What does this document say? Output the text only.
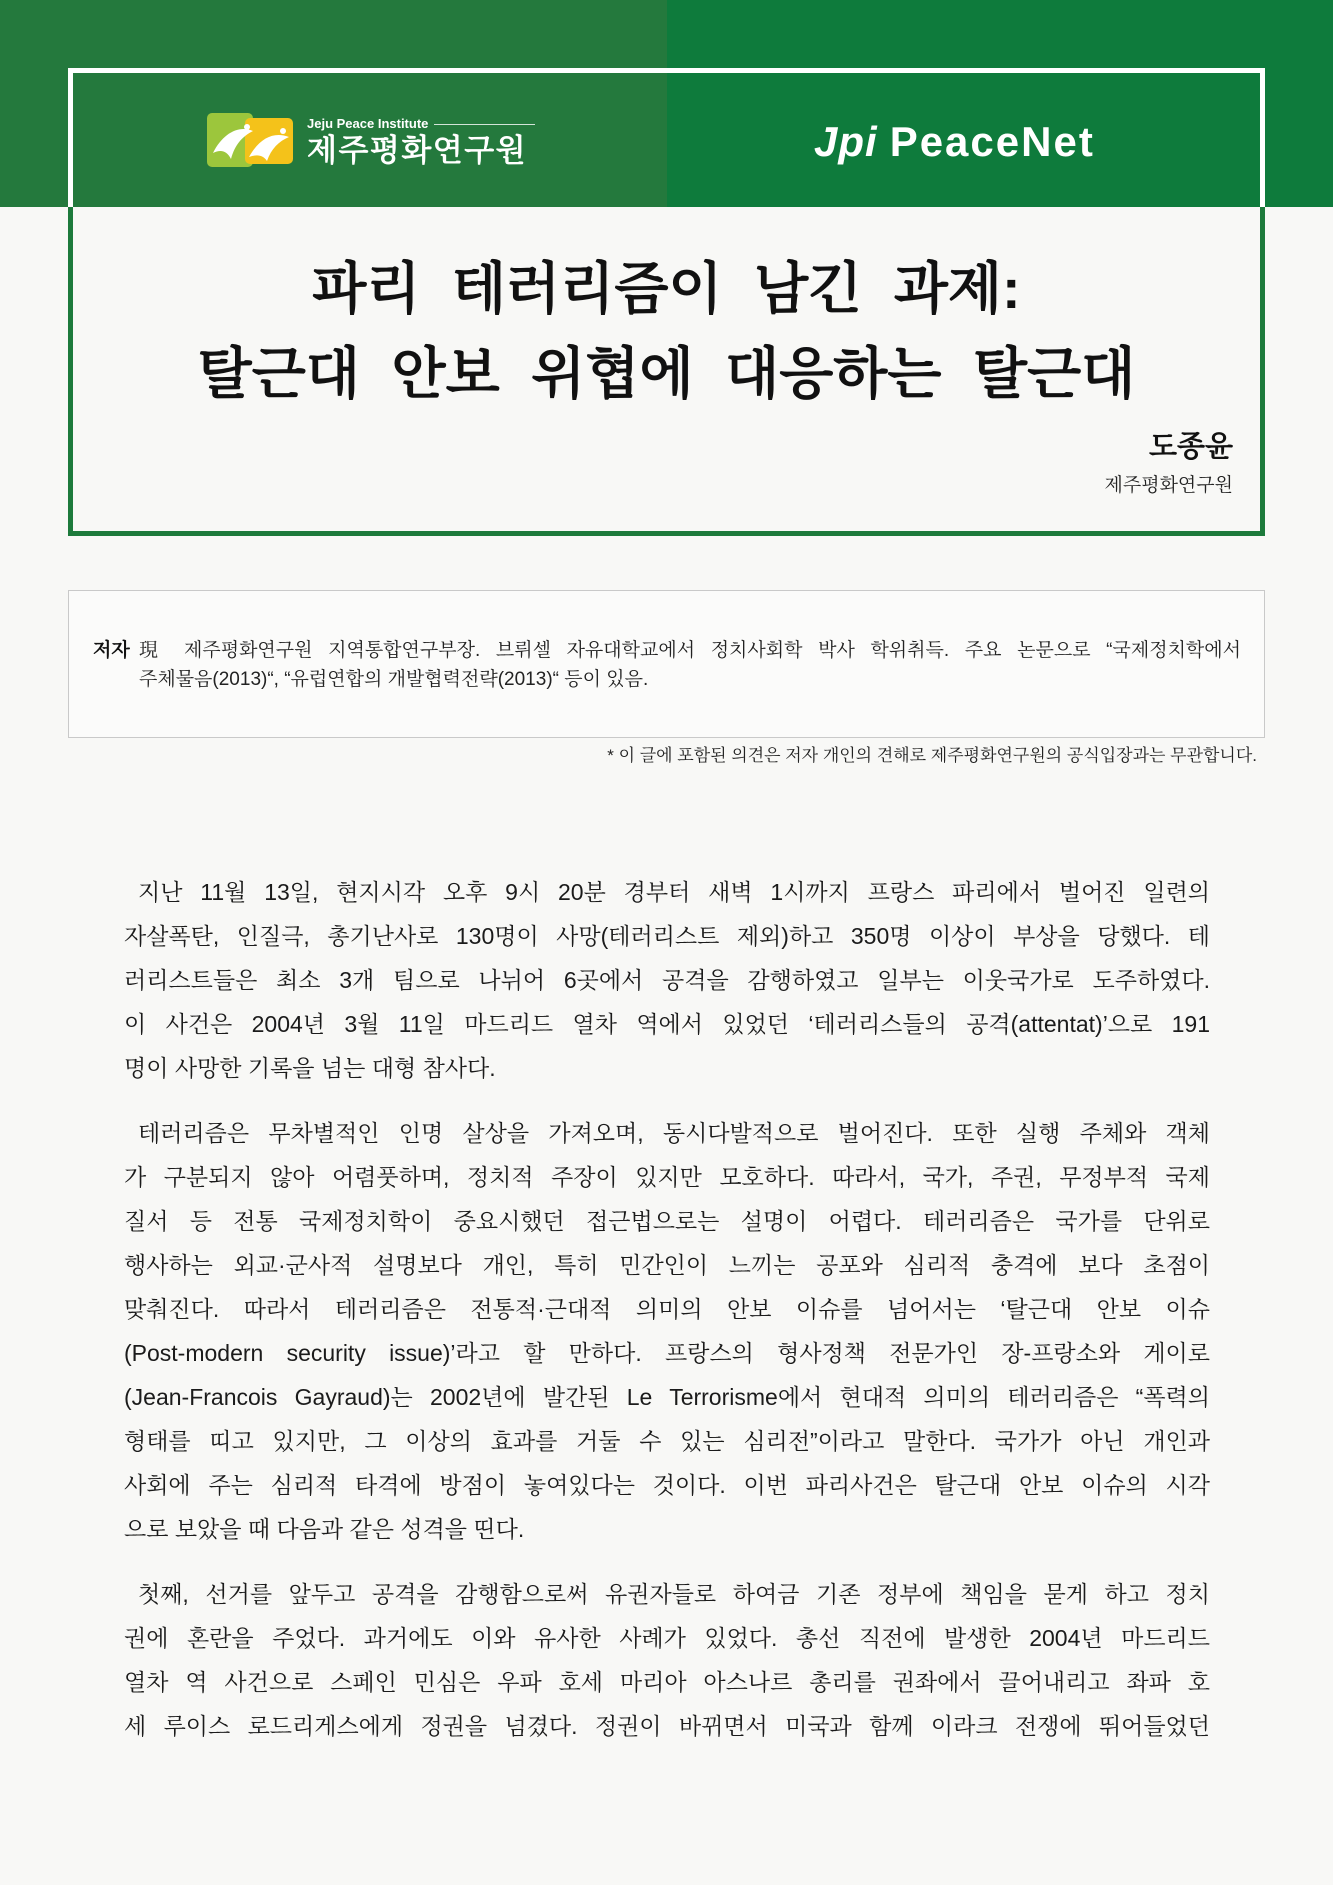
Jeju Peace Institute
제주평화연구원	Jpi PeaceNet
파리 테러리즘이 남긴 과제:
탈근대 안보 위협에 대응하는 탈근대
도종윤
제주평화연구원
저자 現 제주평화연구원 지역통합연구부장. 브뤼셀 자유대학교에서 정치사회학 박사 학위취득. 주요 논문으로 “국제정치학에서
주체물음(2013)“, “유럽연합의 개발협력전략(2013)“ 등이 있음.
* 이 글에 포함된 의견은 저자 개인의 견해로 제주평화연구원의 공식입장과는 무관합니다.
지난 11월 13일, 현지시각 오후 9시 20분 경부터 새벽 1시까지 프랑스 파리에서 벌어진 일련의
자살폭탄, 인질극, 총기난사로 130명이 사망(테러리스트 제외)하고 350명 이상이 부상을 당했다. 테
러리스트들은 최소 3개 팀으로 나뉘어 6곳에서 공격을 감행하였고 일부는 이웃국가로 도주하였다.
이 사건은 2004년 3월 11일 마드리드 열차 역에서 있었던 ‘테러리스들의 공격(attentat)’으로 191
명이 사망한 기록을 넘는 대형 참사다.
테러리즘은 무차별적인 인명 살상을 가져오며, 동시다발적으로 벌어진다. 또한 실행 주체와 객체
가 구분되지 않아 어렴풋하며, 정치적 주장이 있지만 모호하다. 따라서, 국가, 주권, 무정부적 국제
질서 등 전통 국제정치학이 중요시했던 접근법으로는 설명이 어렵다. 테러리즘은 국가를 단위로
행사하는 외교·군사적 설명보다 개인, 특히 민간인이 느끼는 공포와 심리적 충격에 보다 초점이
맞춰진다. 따라서 테러리즘은 전통적·근대적 의미의 안보 이슈를 넘어서는 ‘탈근대 안보 이슈
(Post-modern security issue)’라고 할 만하다. 프랑스의 형사정책 전문가인 장-프랑소와 게이로
(Jean-Francois Gayraud)는 2002년에 발간된 Le Terrorisme에서 현대적 의미의 테러리즘은 “폭력의
형태를 띠고 있지만, 그 이상의 효과를 거둘 수 있는 심리전”이라고 말한다. 국가가 아닌 개인과
사회에 주는 심리적 타격에 방점이 놓여있다는 것이다. 이번 파리사건은 탈근대 안보 이슈의 시각
으로 보았을 때 다음과 같은 성격을 띤다.
첫째, 선거를 앞두고 공격을 감행함으로써 유권자들로 하여금 기존 정부에 책임을 묻게 하고 정치
권에 혼란을 주었다. 과거에도 이와 유사한 사례가 있었다. 총선 직전에 발생한 2004년 마드리드
열차 역 사건으로 스페인 민심은 우파 호세 마리아 아스나르 총리를 권좌에서 끌어내리고 좌파 호
세 루이스 로드리게스에게 정권을 넘겼다. 정권이 바뀌면서 미국과 함께 이라크 전쟁에 뛰어들었던
